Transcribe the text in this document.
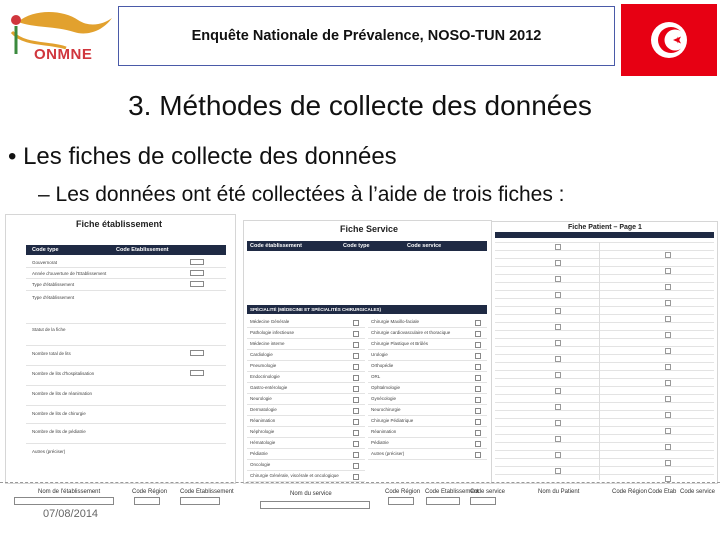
ONMNE
Enquête Nationale de Prévalence, NOSO-TUN 2012
3. Méthodes de collecte des données
• Les fiches de collecte des données
– Les données ont été collectées à l’aide de trois fiches :
Fiche établissement
Code type	Code Etablissement
Gouvernorat
Année d'ouverture de l'Etablissement
Type d'établissement
Type d'établissement
Statut de la fiche
Nombre total de lits
Nombre de lits d'hospitalisation
Nombre de lits de réanimation
Nombre de lits de chirurgie
Nombre de lits de pédiatrie
Autres (préciser)
Fiche Service
Code établissement	Code type	Code service
SPÉCIALITÉ (MÉDECINE ET SPÉCIALITÉS CHIRURGICALES)
Médecine Générale
Pathologie infectieuse
Médecine interne
Cardiologie
Pneumologie
Endocrinologie
Gastro-entérologie
Neurologie
Dermatologie
Réanimation
Néphrologie
Hématologie
Pédiatrie
Oncologie
Chirurgie Générale, viscérale et oncologique
Chirurgie Maxillo-faciale
Chirurgie cardiovasculaire et thoracique
Chirurgie Plastique et Brûlés
Urologie
Orthopédie
ORL
Ophtalmologie
Gynécologie
Neurochirurgie
Chirurgie Pédiatrique
Réanimation
Pédiatrie
Autres (préciser)
Fiche Patient – Page 1
Nom de l'établissement	Code Région Code Etablissement	Nom du service	Code Région Code Etablissement
Code service	Nom du Patient	Code Région Code Etab Code service
07/08/2014
